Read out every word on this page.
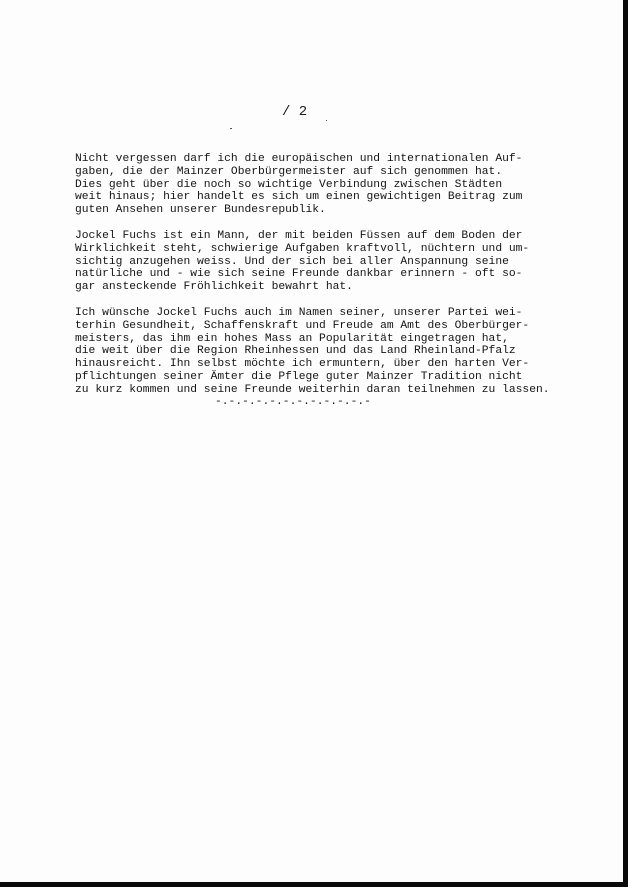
/ 2
Nicht vergessen darf ich die europäischen und internationalen Auf-
gaben, die der Mainzer Oberbürgermeister auf sich genommen hat.
Dies geht über die noch so wichtige Verbindung zwischen Städten
weit hinaus; hier handelt es sich um einen gewichtigen Beitrag zum
guten Ansehen unserer Bundesrepublik.
Jockel Fuchs ist ein Mann, der mit beiden Füssen auf dem Boden der
Wirklichkeit steht, schwierige Aufgaben kraftvoll, nüchtern und um-
sichtig anzugehen weiss. Und der sich bei aller Anspannung seine
natürliche und - wie sich seine Freunde dankbar erinnern - oft so-
gar ansteckende Fröhlichkeit bewahrt hat.
Ich wünsche Jockel Fuchs auch im Namen seiner, unserer Partei wei-
terhin Gesundheit, Schaffenskraft und Freude am Amt des Oberbürger-
meisters, das ihm ein hohes Mass an Popularität eingetragen hat,
die weit über die Region Rheinhessen und das Land Rheinland-Pfalz
hinausreicht. Ihn selbst möchte ich ermuntern, über den harten Ver-
pflichtungen seiner Ämter die Pflege guter Mainzer Tradition nicht
zu kurz kommen und seine Freunde weiterhin daran teilnehmen zu lassen.
-.-.-.-.-.-.-.-.-.-.-.-
